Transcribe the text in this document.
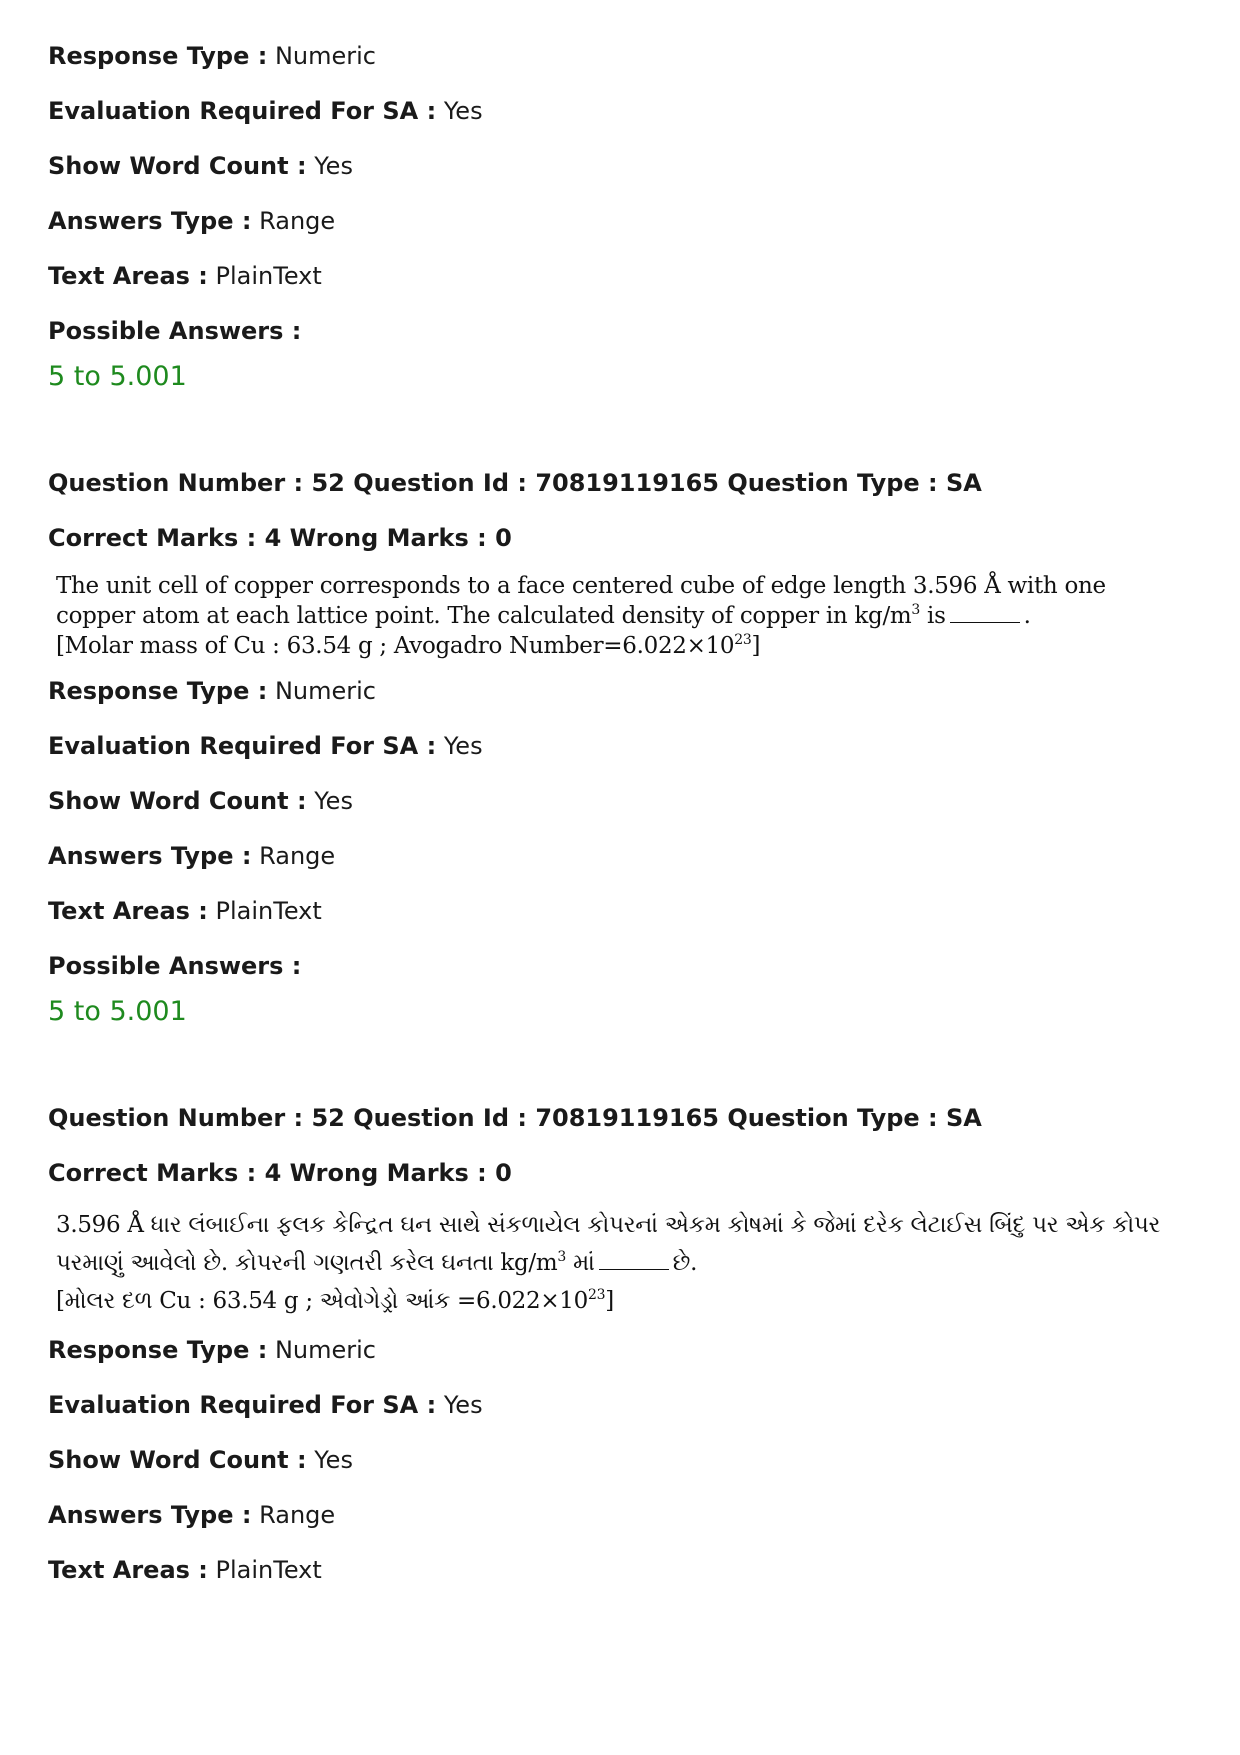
Response Type : Numeric
Evaluation Required For SA : Yes
Show Word Count : Yes
Answers Type : Range
Text Areas : PlainText
Possible Answers :
5 to 5.001
Question Number : 52 Question Id : 70819119165 Question Type : SA
Correct Marks : 4 Wrong Marks : 0
The unit cell of copper corresponds to a face centered cube of edge length 3.596 Å with one
copper atom at each lattice point. The calculated density of copper in $kg/m^3$ is	.
[Molar mass of Cu : 63.54 g ; Avogadro $Number=6.022\times 10^{23}$]
Response Type : Numeric
Evaluation Required For SA : Yes
Show Word Count : Yes
Answers Type : Range
Text Areas : PlainText
Possible Answers :
5 to 5.001
Question Number : 52 Question Id : 70819119165 Question Type : SA
Correct Marks : 4 Wrong Marks : 0
3.596 Å ધાર લંબાઈના ફલક કેન્દ્રિત ઘન સાથે સંકળાયેલ કોપરનાં એકમ કોષમાં કે જેમાં દરેક લેટાઈસ બિંદુ પર એક કોપર
પરમાણું આવેલો છે. કોપરની ગણતરી કરેલ ઘનતા $kg/m^3$ માં	છે.
[મોલર દળ Cu : 63.54 g ; એવોગેડ્રો આંક $=6.022\times 10^{23}$]
Response Type : Numeric
Evaluation Required For SA : Yes
Show Word Count : Yes
Answers Type : Range
Text Areas : PlainText
